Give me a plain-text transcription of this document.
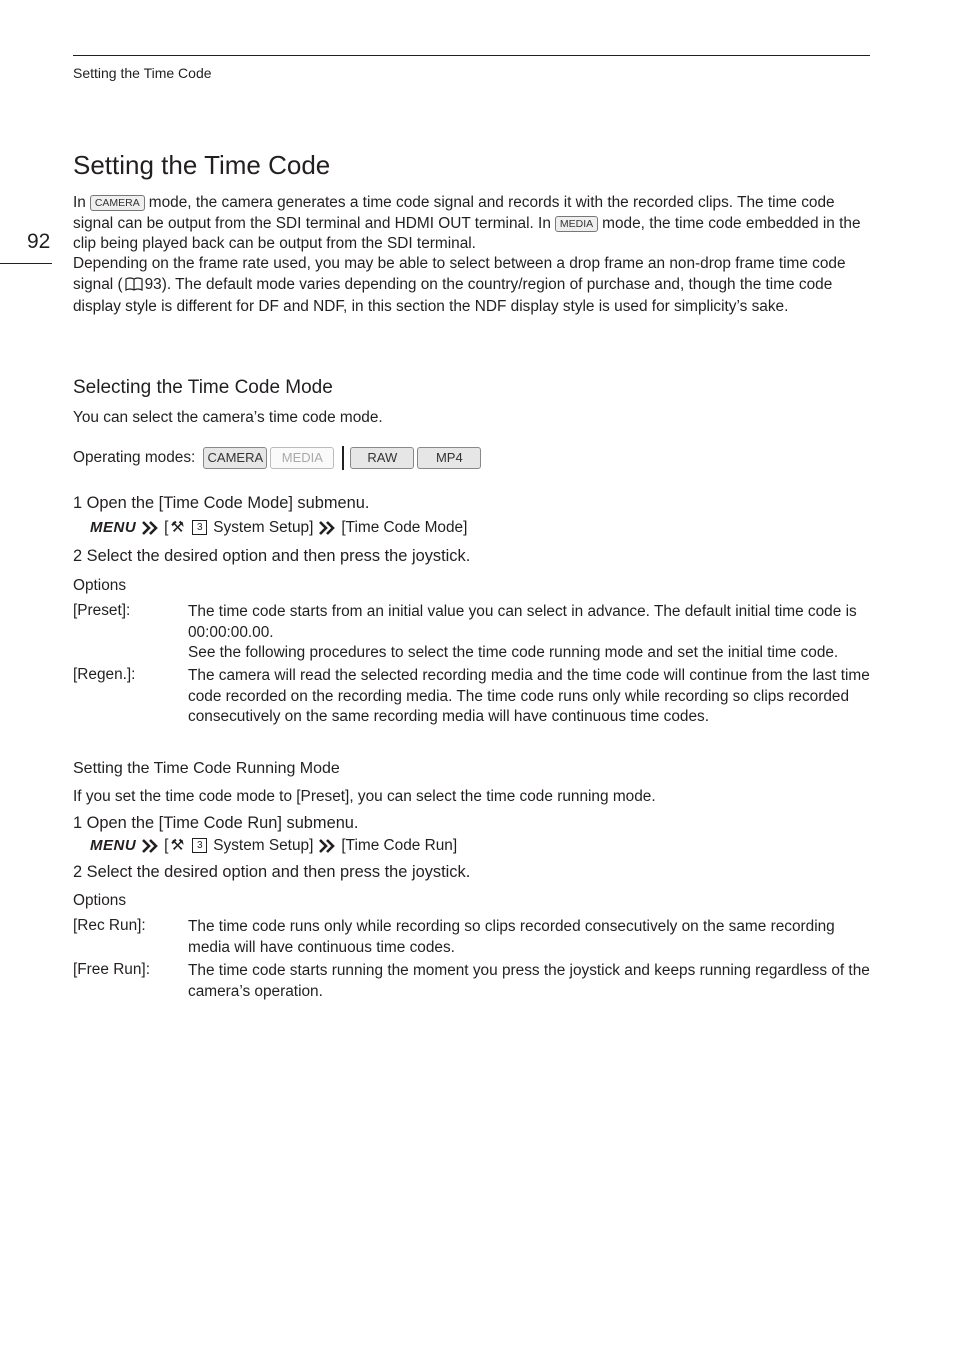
Setting the Time Code
92
Setting the Time Code

In CAMERA mode, the camera generates a time code signal and records it with the recorded clips. The time code signal can be output from the SDI terminal and HDMI OUT terminal. In MEDIA mode, the time code embedded in the clip being played back can be output from the SDI terminal.

Depending on the frame rate used, you may be able to select between a drop frame an non-drop frame time code signal ( 93). The default mode varies depending on the country/region of purchase and, though the time code display style is different for DF and NDF, in this section the NDF display style is used for simplicity’s sake.

Selecting the Time Code Mode
You can select the camera’s time code mode.
Operating modes: CAMERA	MEDIA	RAW	MP4
1 Open the [Time Code Mode] submenu.
MENU [ ⚒	3 System Setup] [Time Code Mode]
2 Select the desired option and then press the joystick.
Options
[Preset]:	The time code starts from an initial value you can select in advance. The default initial time code is 00:00:00.00.
See the following procedures to select the time code running mode and set the initial time code.

[Regen.]:	The camera will read the selected recording media and the time code will continue from the last time code recorded on the recording media. The time code runs only while recording so clips recorded consecutively on the same recording media will have continuous time codes.

Setting the Time Code Running Mode
If you set the time code mode to [Preset], you can select the time code running mode.
1 Open the [Time Code Run] submenu.
MENU [ ⚒	3 System Setup] [Time Code Run]
2 Select the desired option and then press the joystick.
Options
[Rec Run]:	The time code runs only while recording so clips recorded consecutively on the same recording media will have continuous time codes.

[Free Run]: The time code starts running the moment you press the joystick and keeps running regardless of the camera’s operation.
